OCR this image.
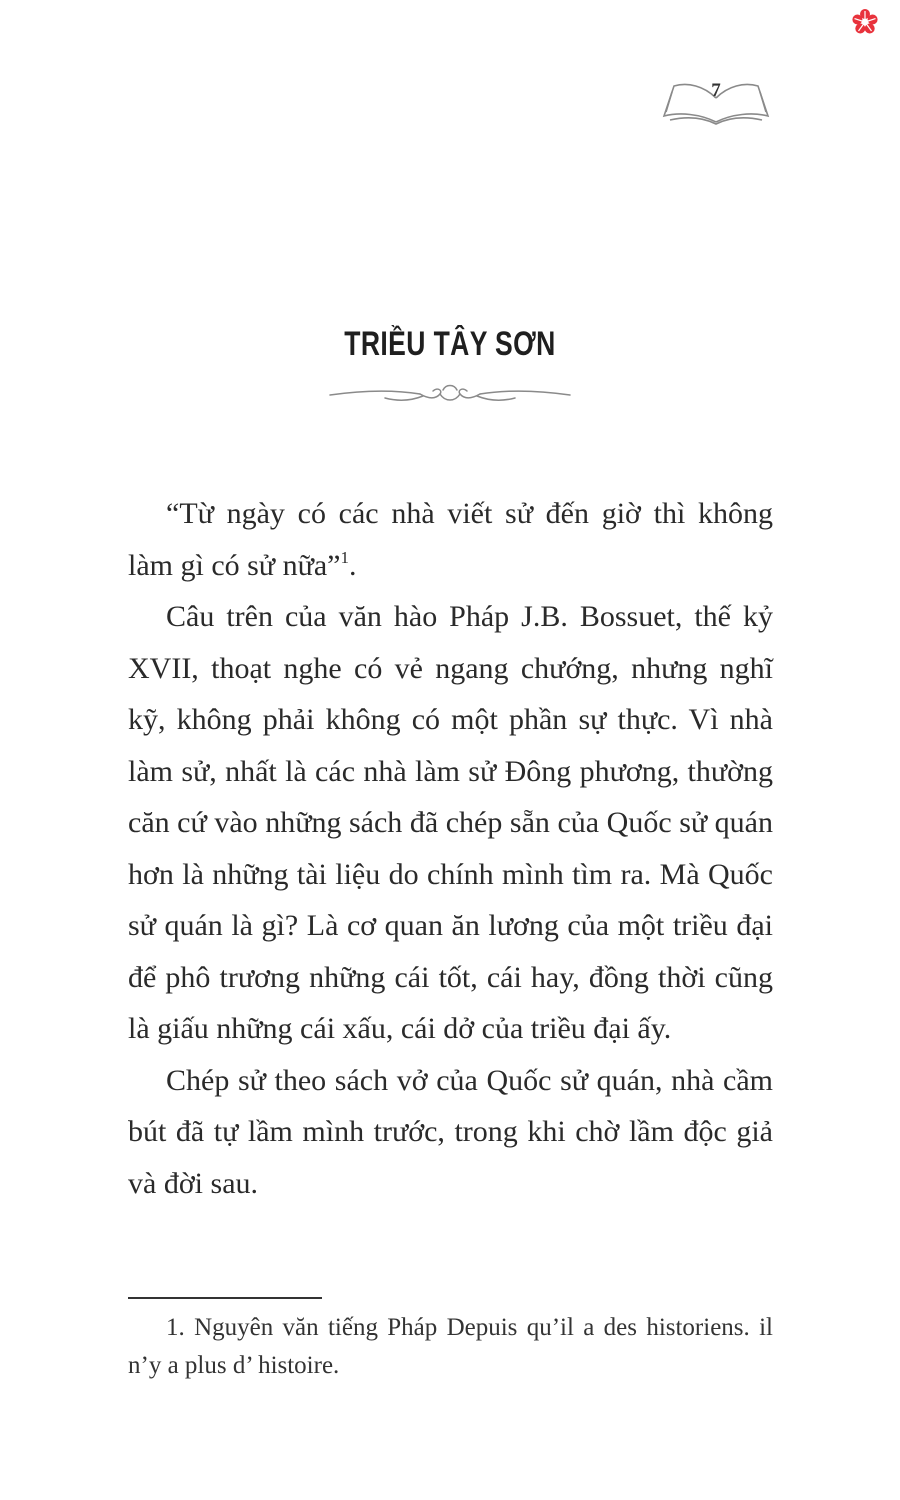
7
TRIỀU TÂY SƠN

“Từ ngày có các nhà viết sử đến giờ thì không làm gì có sử nữa”$^1$.

Câu trên của văn hào Pháp J.B. Bossuet, thế kỷ XVII, thoạt nghe có vẻ ngang chướng, nhưng nghĩ kỹ, không phải không có một phần sự thực. Vì nhà làm sử, nhất là các nhà làm sử Đông phương, thường căn cứ vào những sách đã chép sẵn của Quốc sử quán hơn là những tài liệu do chính mình tìm ra. Mà Quốc sử quán là gì? Là cơ quan ăn lương của một triều đại để phô trương những cái tốt, cái hay, đồng thời cũng là giấu những cái xấu, cái dở của triều đại ấy.

Chép sử theo sách vở của Quốc sử quán, nhà cầm bút đã tự lầm mình trước, trong khi chờ lầm độc giả và đời sau.

1. Nguyên văn tiếng Pháp Depuis qu’il a des historiens. il n’y a plus d’ histoire.
